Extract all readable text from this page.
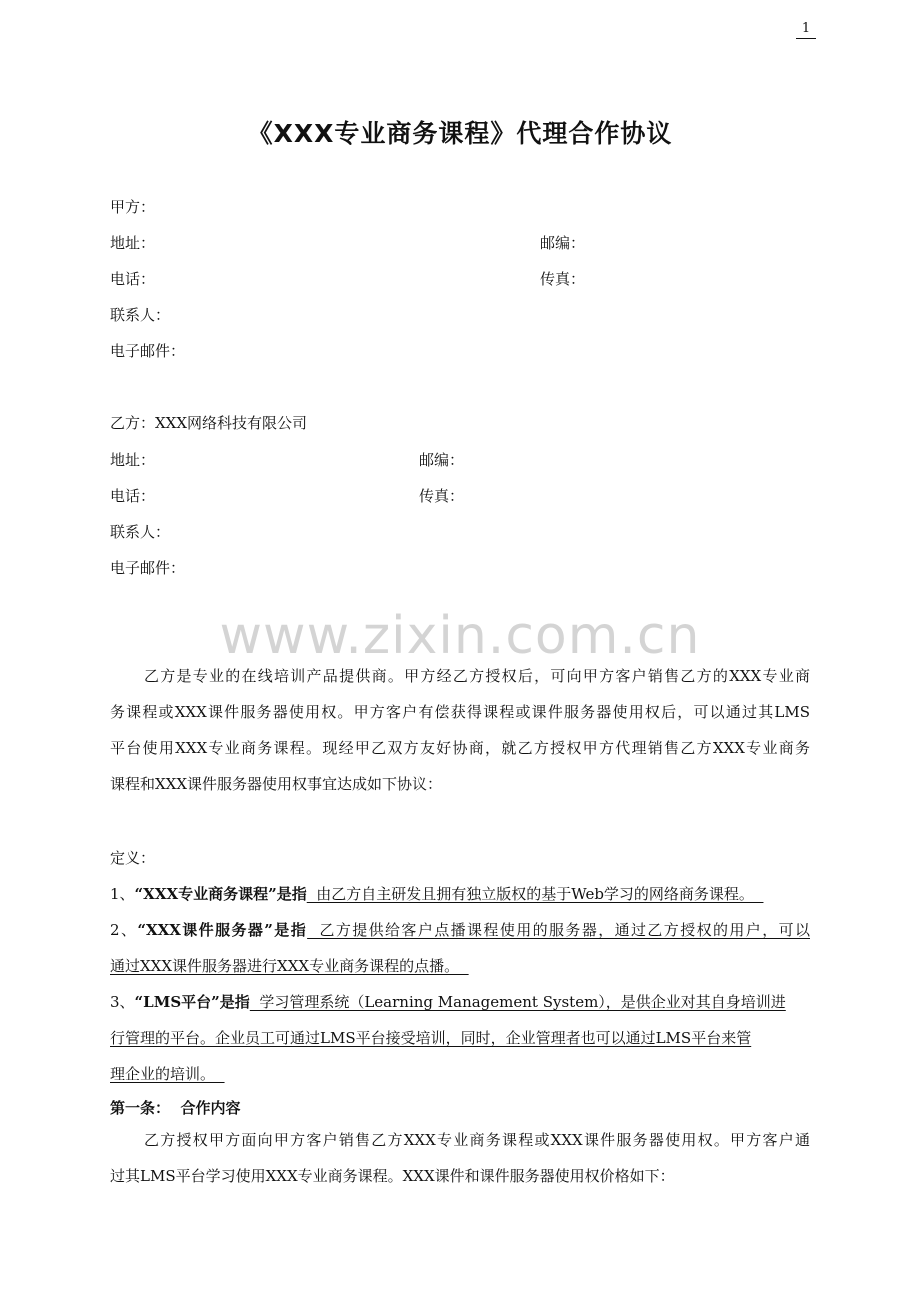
1
《XXX专业商务课程》代理合作协议
甲方：
地址：	邮编：
电话：	传真：
联系人：
电子邮件：
乙方：XXX网络科技有限公司
地址：	邮编：
电话：	传真：
联系人：
电子邮件：
www.zixin.com.cn
乙方是专业的在线培训产品提供商。甲方经乙方授权后，可向甲方客户销售乙方的XXX专业商
务课程或XXX课件服务器使用权。甲方客户有偿获得课程或课件服务器使用权后，可以通过其LMS
平台使用XXX专业商务课程。现经甲乙双方友好协商，就乙方授权甲方代理销售乙方XXX专业商务
课程和XXX课件服务器使用权事宜达成如下协议：
定义：
1、“XXX专业商务课程”是指  由乙方自主研发且拥有独立版权的基于Web学习的网络商务课程。
2、“XXX课件服务器”是指  乙方提供给客户点播课程使用的服务器，通过乙方授权的用户，可以
通过XXX课件服务器进行XXX专业商务课程的点播。
3、“LMS平台”是指  学习管理系统（Learning Management System），是供企业对其自身培训进
行管理的平台。企业员工可通过LMS平台接受培训，同时，企业管理者也可以通过LMS平台来管
理企业的培训。
第一条：  合作内容
乙方授权甲方面向甲方客户销售乙方XXX专业商务课程或XXX课件服务器使用权。甲方客户通
过其LMS平台学习使用XXX专业商务课程。XXX课件和课件服务器使用权价格如下：
